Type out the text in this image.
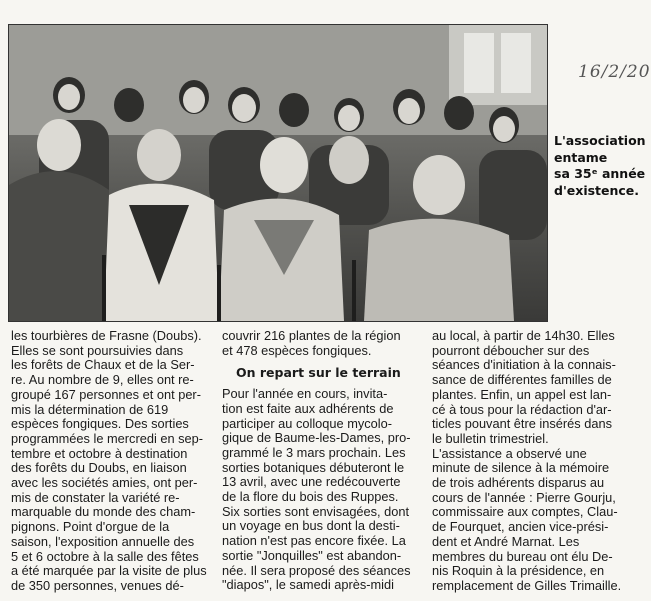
16/2/20
L'association
entame
sa 35ᵉ année
d'existence.
les tourbières de Frasne (Doubs).
Elles se sont poursuivies dans
les forêts de Chaux et de la Ser-
re. Au nombre de 9, elles ont re-
groupé 167 personnes et ont per-
mis la détermination de 619
espèces fongiques. Des sorties
programmées le mercredi en sep-
tembre et octobre à destination
des forêts du Doubs, en liaison
avec les sociétés amies, ont per-
mis de constater la variété re-
marquable du monde des cham-
pignons. Point d'orgue de la
saison, l'exposition annuelle des
5 et 6 octobre à la salle des fêtes
a été marquée par la visite de plus
de 350 personnes, venues dé-
couvrir 216 plantes de la région
et 478 espèces fongiques.
On repart sur le terrain
Pour l'année en cours, invita-
tion est faite aux adhérents de
participer au colloque mycolo-
gique de Baume-les-Dames, pro-
grammé le 3 mars prochain. Les
sorties botaniques débuteront le
13 avril, avec une redécouverte
de la flore du bois des Ruppes.
Six sorties sont envisagées, dont
un voyage en bus dont la desti-
nation n'est pas encore fixée. La
sortie "Jonquilles" est abandon-
née. Il sera proposé des séances
"diapos", le samedi après-midi
au local, à partir de 14h30. Elles
pourront déboucher sur des
séances d'initiation à la connais-
sance de différentes familles de
plantes. Enfin, un appel est lan-
cé à tous pour la rédaction d'ar-
ticles pouvant être insérés dans
le bulletin trimestriel.
L'assistance a observé une
minute de silence à la mémoire
de trois adhérents disparus au
cours de l'année : Pierre Gourju,
commissaire aux comptes, Clau-
de Fourquet, ancien vice-prési-
dent et André Marnat. Les
membres du bureau ont élu De-
nis Roquin à la présidence, en
remplacement de Gilles Trimaille.
